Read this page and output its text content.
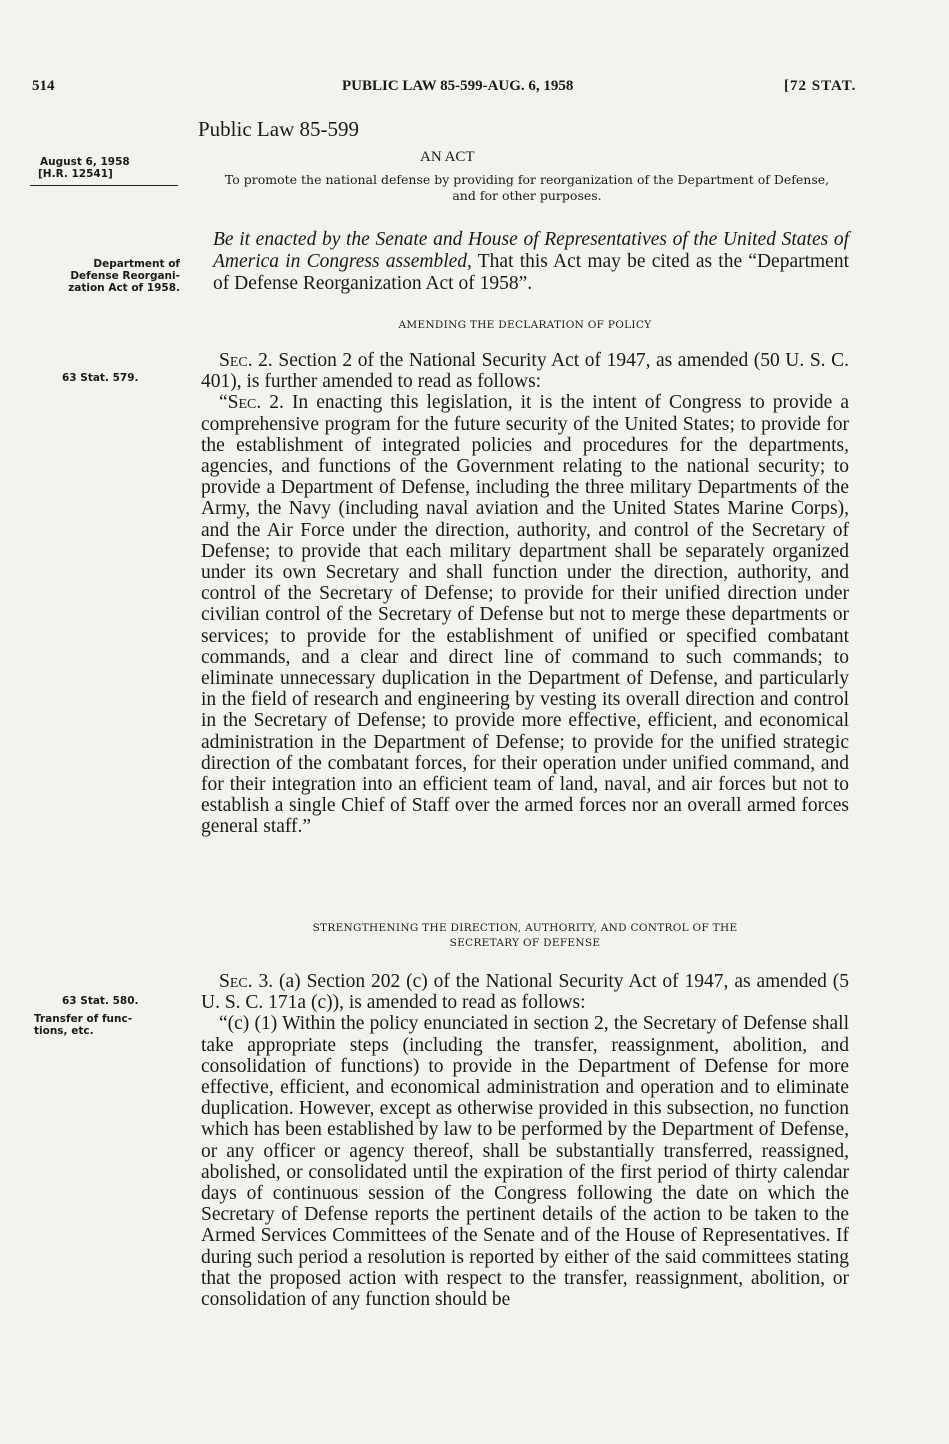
514	PUBLIC LAW 85-599-AUG. 6, 1958	[72 STAT.
Public Law 85-599
AN ACT
August 6, 1958
[H.R. 12541]	To promote the national defense by providing for reorganization of the Department of Defense, and for other purposes.
Department of
Defense Reorgani-
zation Act of 1958.

Be it enacted by the Senate and House of Representatives of the United States of America in Congress assembled, That this Act may be cited as the “Department of Defense Reorganization Act of 1958”.

AMENDING THE DECLARATION OF POLICY
63 Stat. 579.

Sec. 2. Section 2 of the National Security Act of 1947, as amended (50 U. S. C. 401), is further amended to read as follows:

“Sec. 2. In enacting this legislation, it is the intent of Congress to provide a comprehensive program for the future security of the United States; to provide for the establishment of integrated policies and procedures for the departments, agencies, and functions of the Government relating to the national security; to provide a Department of Defense, including the three military Departments of the Army, the Navy (including naval aviation and the United States Marine Corps), and the Air Force under the direction, authority, and control of the Secretary of Defense; to provide that each military department shall be separately organized under its own Secretary and shall function under the direction, authority, and control of the Secretary of Defense; to provide for their unified direction under civilian control of the Secretary of Defense but not to merge these departments or services; to provide for the establishment of unified or specified combatant commands, and a clear and direct line of command to such commands; to eliminate unnecessary duplication in the Department of Defense, and particularly in the field of research and engineering by vesting its overall direction and control in the Secretary of Defense; to provide more effective, efficient, and economical administration in the Department of Defense; to provide for the unified strategic direction of the combatant forces, for their operation under unified command, and for their integration into an efficient team of land, naval, and air forces but not to establish a single Chief of Staff over the armed forces nor an overall armed forces general staff.”

STRENGTHENING THE DIRECTION, AUTHORITY, AND CONTROL OF THE
SECRETARY OF DEFENSE
63 Stat. 580.
Transfer of func-
tions, etc.

Sec. 3. (a) Section 202 (c) of the National Security Act of 1947, as amended (5 U. S. C. 171a (c)), is amended to read as follows:

“(c) (1) Within the policy enunciated in section 2, the Secretary of Defense shall take appropriate steps (including the transfer, reassignment, abolition, and consolidation of functions) to provide in the Department of Defense for more effective, efficient, and economical administration and operation and to eliminate duplication. However, except as otherwise provided in this subsection, no function which has been established by law to be performed by the Department of Defense, or any officer or agency thereof, shall be substantially transferred, reassigned, abolished, or consolidated until the expiration of the first period of thirty calendar days of continuous session of the Congress following the date on which the Secretary of Defense reports the pertinent details of the action to be taken to the Armed Services Committees of the Senate and of the House of Representatives. If during such period a resolution is reported by either of the said committees stating that the proposed action with respect to the transfer, reassignment, abolition, or consolidation of any function should be
